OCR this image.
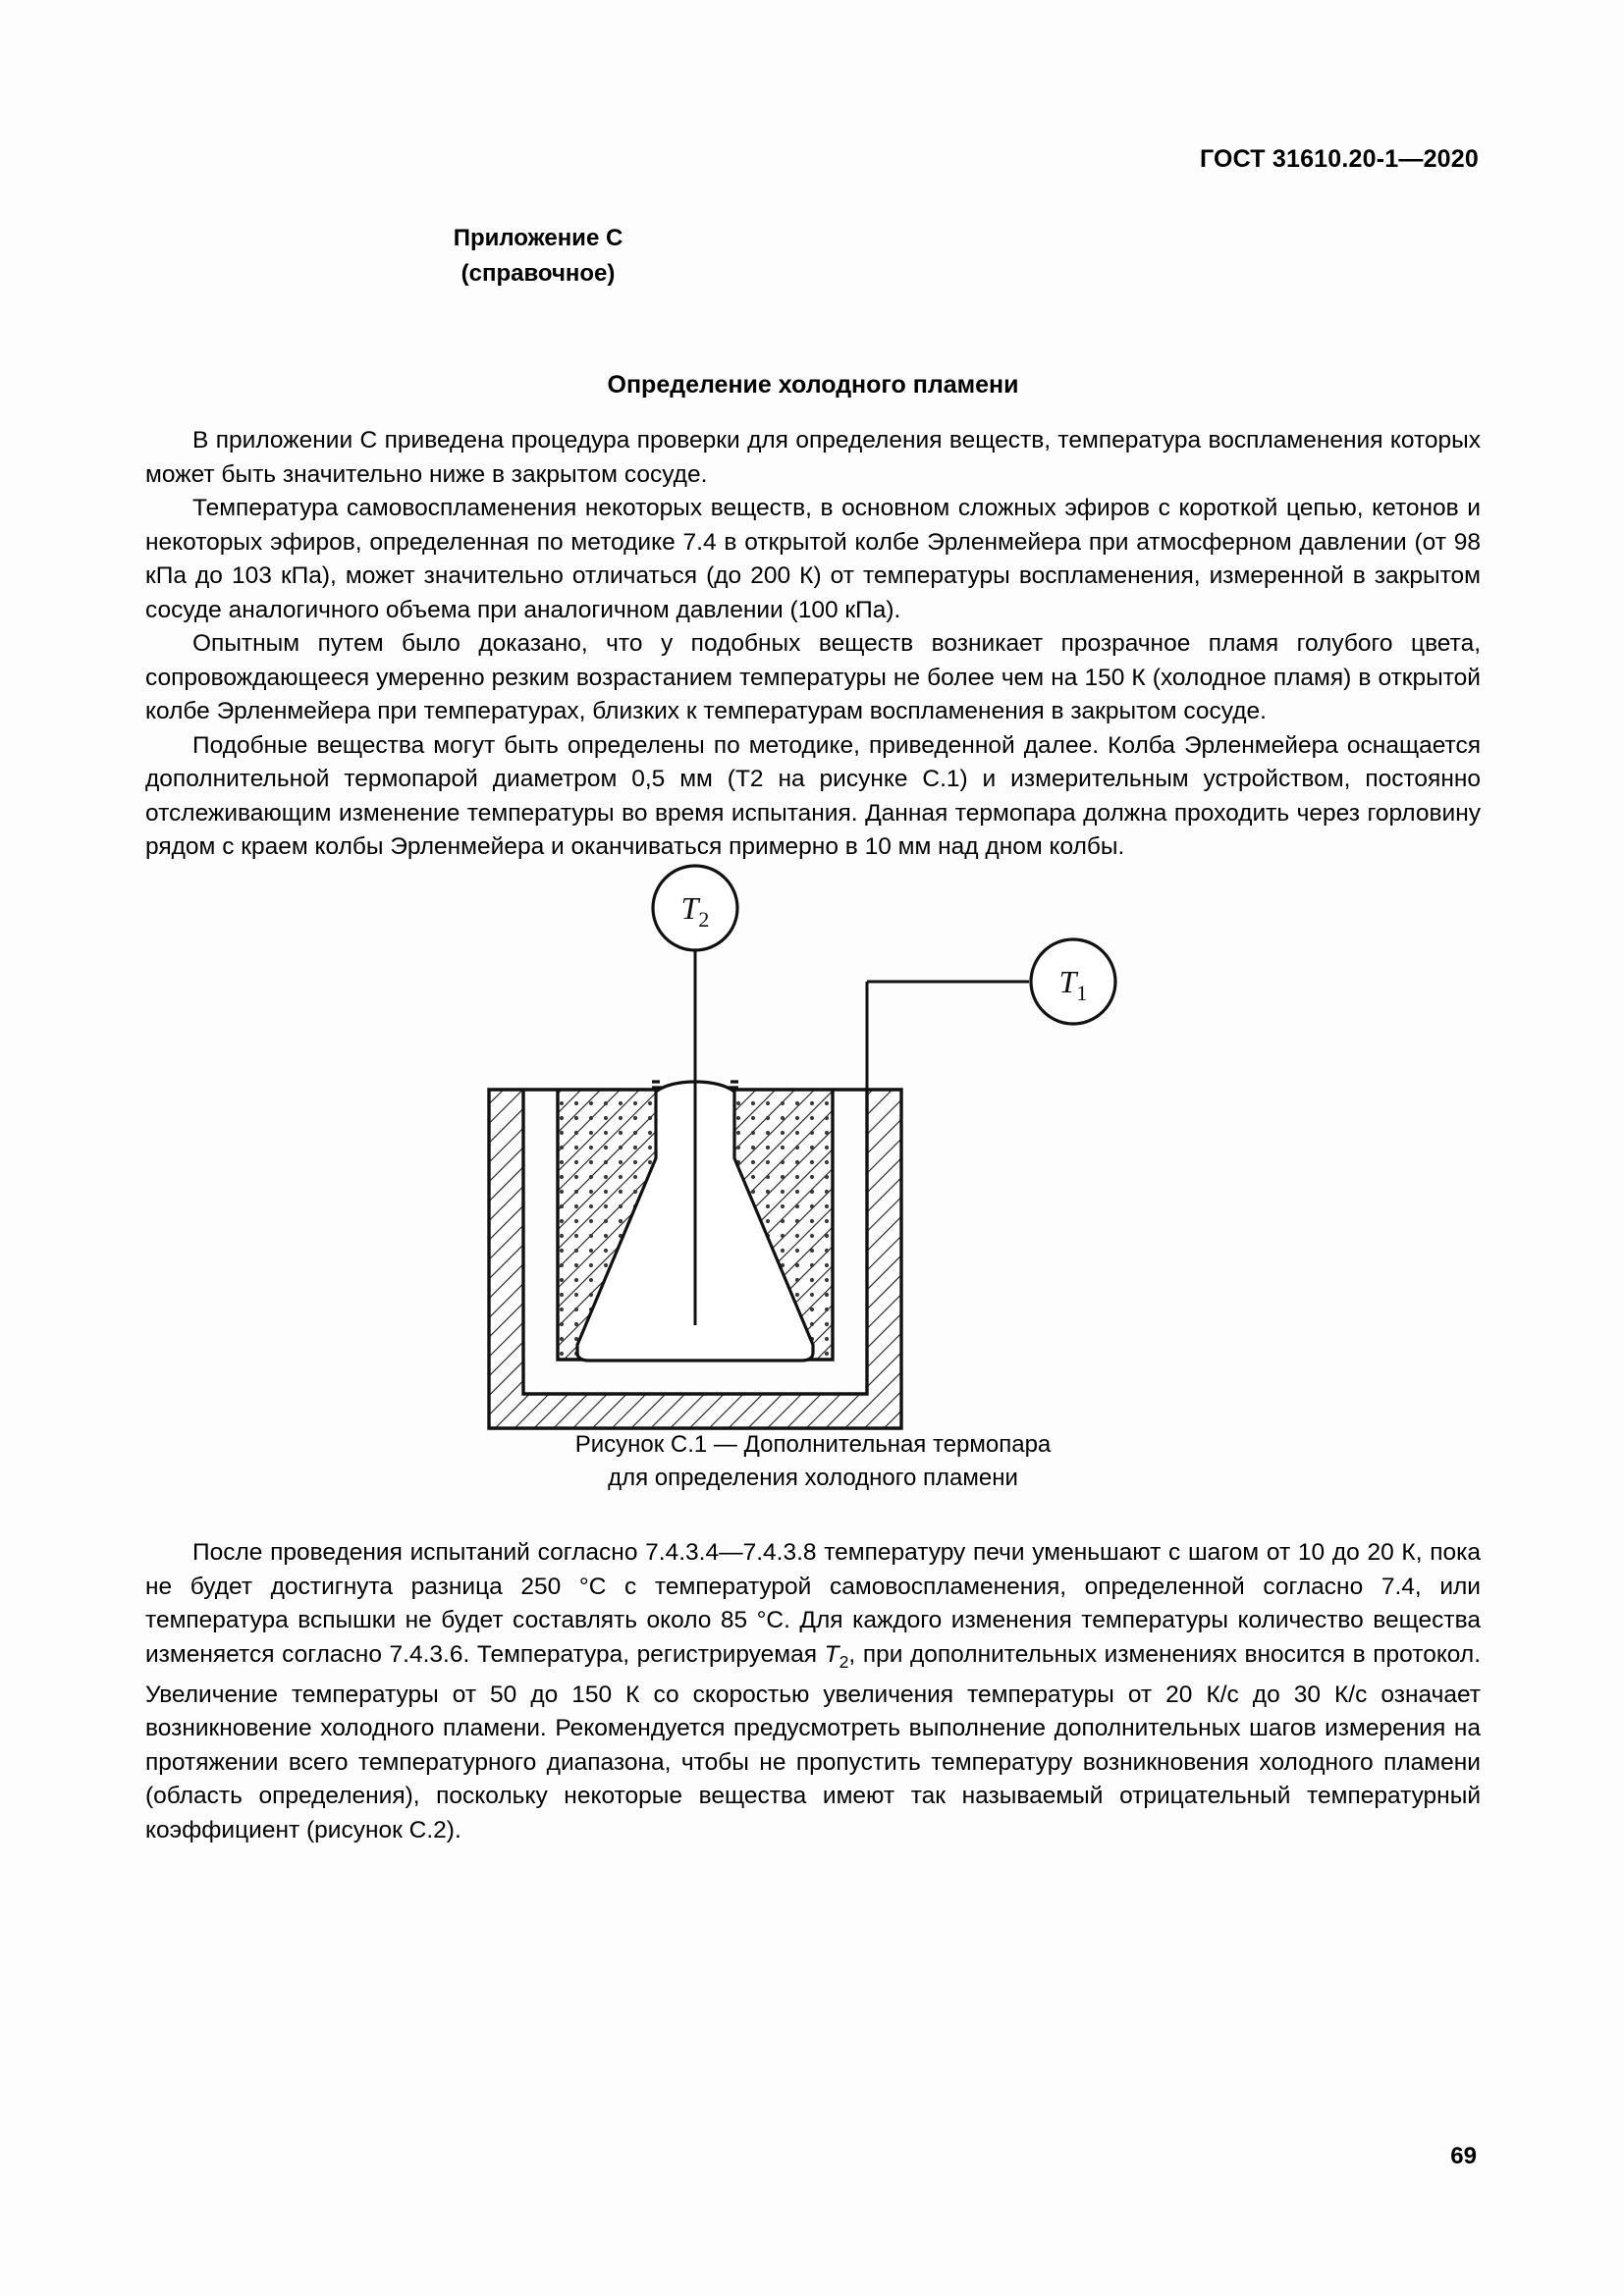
ГОСТ 31610.20-1—2020
Приложение С
(справочное)
Определение холодного пламени

В приложении С приведена процедура проверки для определения веществ, температура воспламенения которых может быть значительно ниже в закрытом сосуде.

Температура самовоспламенения некоторых веществ, в основном сложных эфиров с короткой цепью, кетонов и некоторых эфиров, определенная по методике 7.4 в открытой колбе Эрленмейера при атмосферном давлении (от 98 кПа до 103 кПа), может значительно отличаться (до 200 К) от температуры воспламенения, измеренной в закрытом сосуде аналогичного объема при аналогичном давлении (100 кПа).

Опытным путем было доказано, что у подобных веществ возникает прозрачное пламя голубого цвета, сопровождающееся умеренно резким возрастанием температуры не более чем на 150 К (холодное пламя) в открытой колбе Эрленмейера при температурах, близких к температурам воспламенения в закрытом сосуде.

Подобные вещества могут быть определены по методике, приведенной далее. Колба Эрленмейера оснащается дополнительной термопарой диаметром 0,5 мм (Т2 на рисунке С.1) и измерительным устройством, постоянно отслеживающим изменение температуры во время испытания. Данная термопара должна проходить через горловину рядом с краем колбы Эрленмейера и оканчиваться примерно в 10 мм над дном колбы.

$T_2$
$T_1$
Рисунок С.1 — Дополнительная термопара
для определения холодного пламени

После проведения испытаний согласно 7.4.3.4—7.4.3.8 температуру печи уменьшают с шагом от 10 до 20 К, пока не будет достигнута разница 250 °С с температурой самовоспламенения, определенной согласно 7.4, или температура вспышки не будет составлять около 85 °С. Для каждого изменения температуры количество вещества изменяется согласно 7.4.3.6. Температура, регистрируемая $T_2$, при дополнительных изменениях вносится в протокол. Увеличение температуры от 50 до 150 К со скоростью увеличения температуры от 20 К/с до 30 К/с означает возникновение холодного пламени. Рекомендуется предусмотреть выполнение дополнительных шагов измерения на протяжении всего температурного диапазона, чтобы не пропустить температуру возникновения холодного пламени (область определения), поскольку некоторые вещества имеют так называемый отрицательный температурный коэффициент (рисунок С.2).

69
